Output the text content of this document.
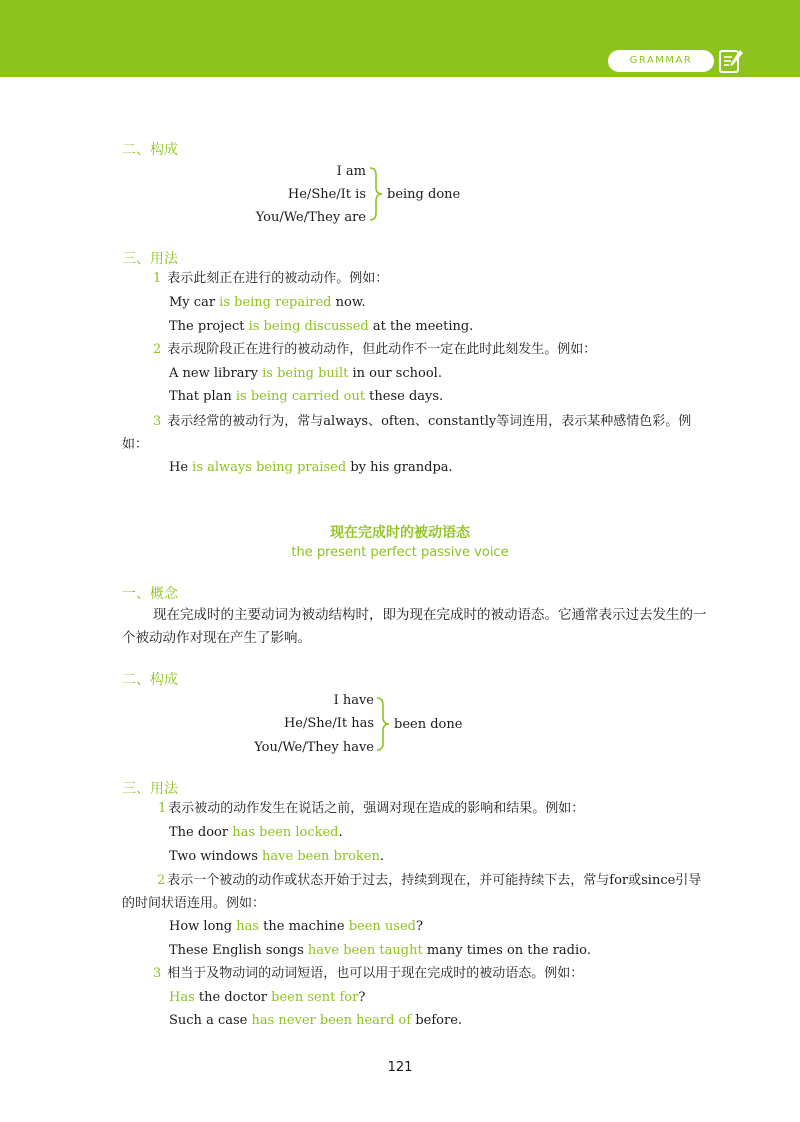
GRAMMAR
二、构成
I am
He/She/It is
You/We/They are
being done
三、用法
1 表示此刻正在进行的被动动作。例如：
My car is being repaired now.
The project is being discussed at the meeting.
2 表示现阶段正在进行的被动动作，但此动作不一定在此时此刻发生。例如：
A new library is being built in our school.
That plan is being carried out these days.
3 表示经常的被动行为，常与always、often、constantly等词连用，表示某种感情色彩。例如：
He is always being praised by his grandpa.
现在完成时的被动语态
the present perfect passive voice
一、概念
现在完成时的主要动词为被动结构时，即为现在完成时的被动语态。它通常表示过去发生的一个被动动作对现在产生了影响。
二、构成
I have
He/She/It has
You/We/They have
been done
三、用法
1 表示被动的动作发生在说话之前，强调对现在造成的影响和结果。例如：
The door has been locked.
Two windows have been broken.
2 表示一个被动的动作或状态开始于过去，持续到现在，并可能持续下去，常与for或since引导的时间状语连用。例如：
How long has the machine been used?
These English songs have been taught many times on the radio.
3 相当于及物动词的动词短语，也可以用于现在完成时的被动语态。例如：
Has the doctor been sent for?
Such a case has never been heard of before.
121
